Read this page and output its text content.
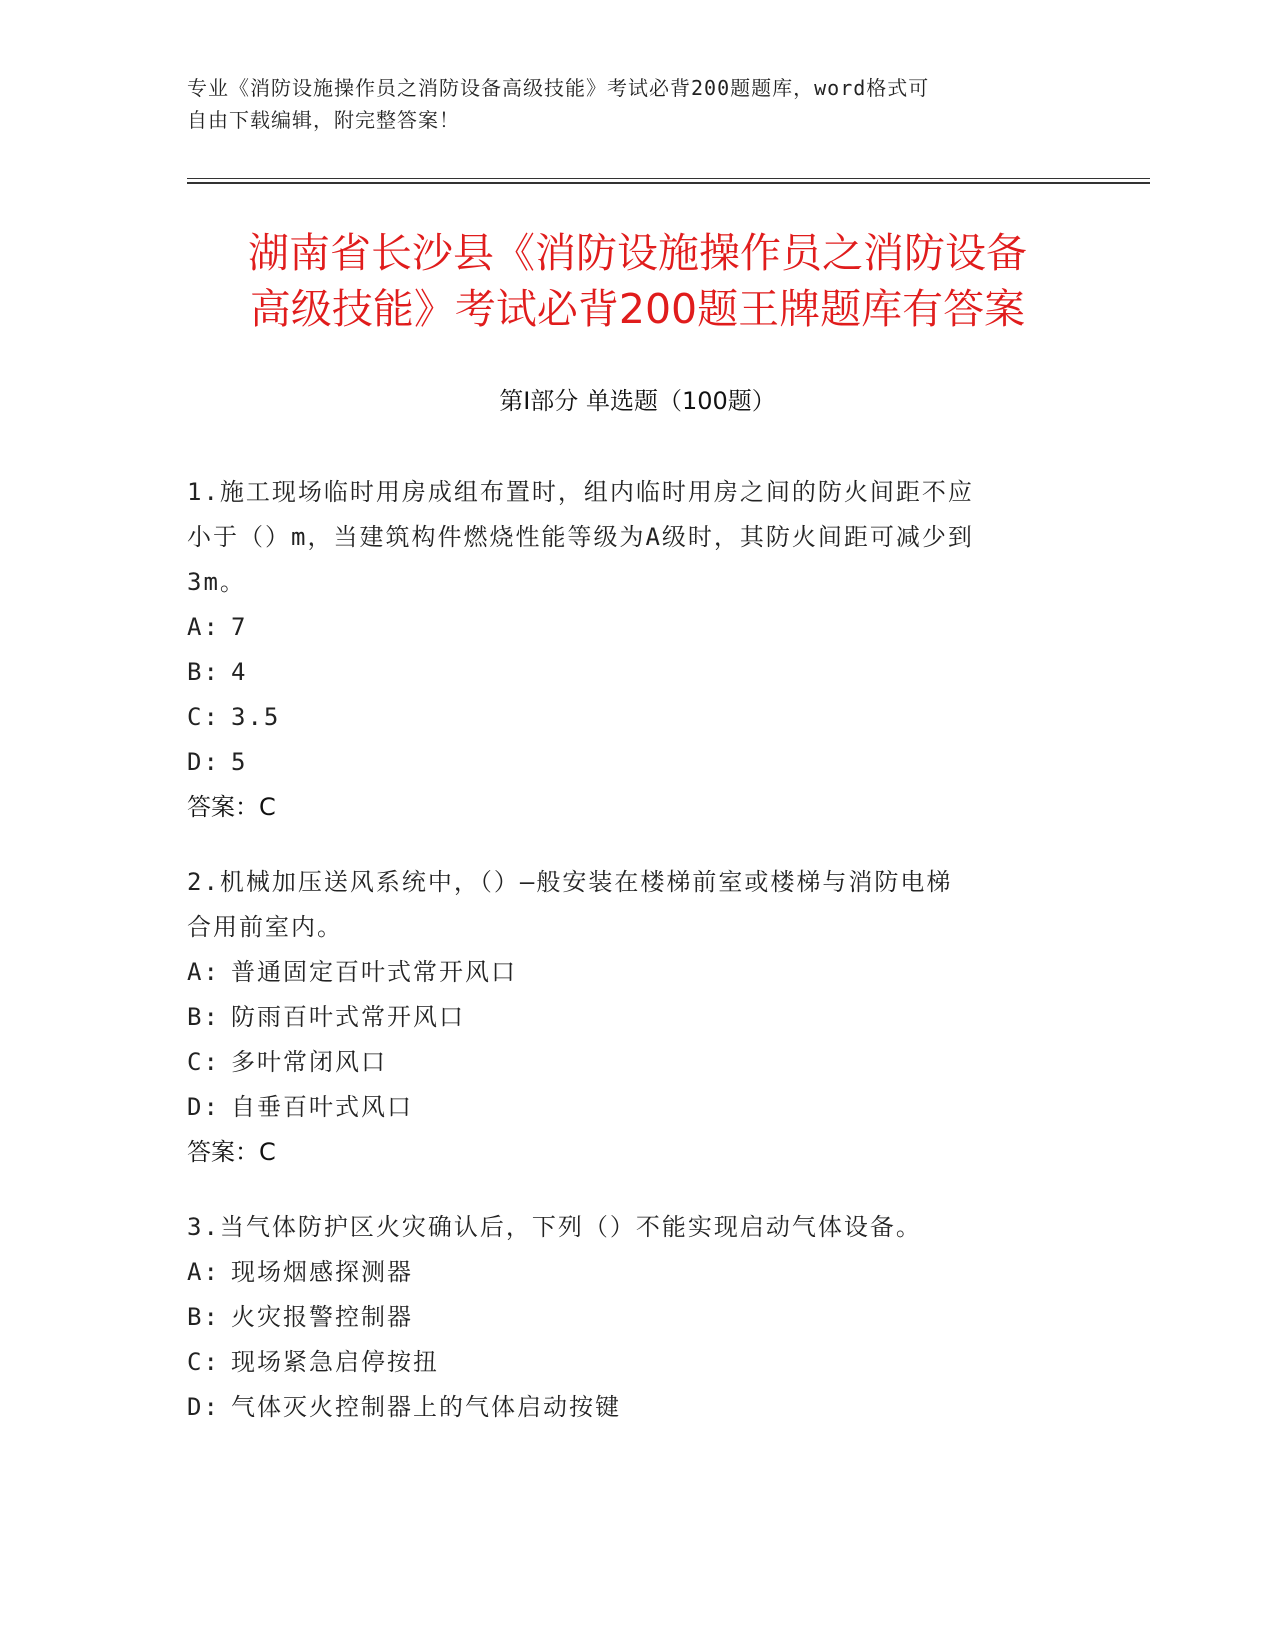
专业《消防设施操作员之消防设备高级技能》考试必背200题题库，word格式可
自由下载编辑，附完整答案！
湖南省长沙县《消防设施操作员之消防设备
高级技能》考试必背200题王牌题库有答案
第Ⅰ部分 单选题（100题）

1.施工现场临时用房成组布置时，组内临时用房之间的防火间距不应

小于（）m，当建筑构件燃烧性能等级为A级时，其防火间距可减少到

3m。

A: 7

B: 4

C: 3.5

D: 5

答案：C

2.机械加压送风系统中，（）—般安装在楼梯前室或楼梯与消防电梯

合用前室内。

A: 普通固定百叶式常开风口

B: 防雨百叶式常开风口

C: 多叶常闭风口

D: 自垂百叶式风口

答案：C

3.当气体防护区火灾确认后，下列（）不能实现启动气体设备。

A: 现场烟感探测器

B: 火灾报警控制器

C: 现场紧急启停按扭

D: 气体灭火控制器上的气体启动按键
